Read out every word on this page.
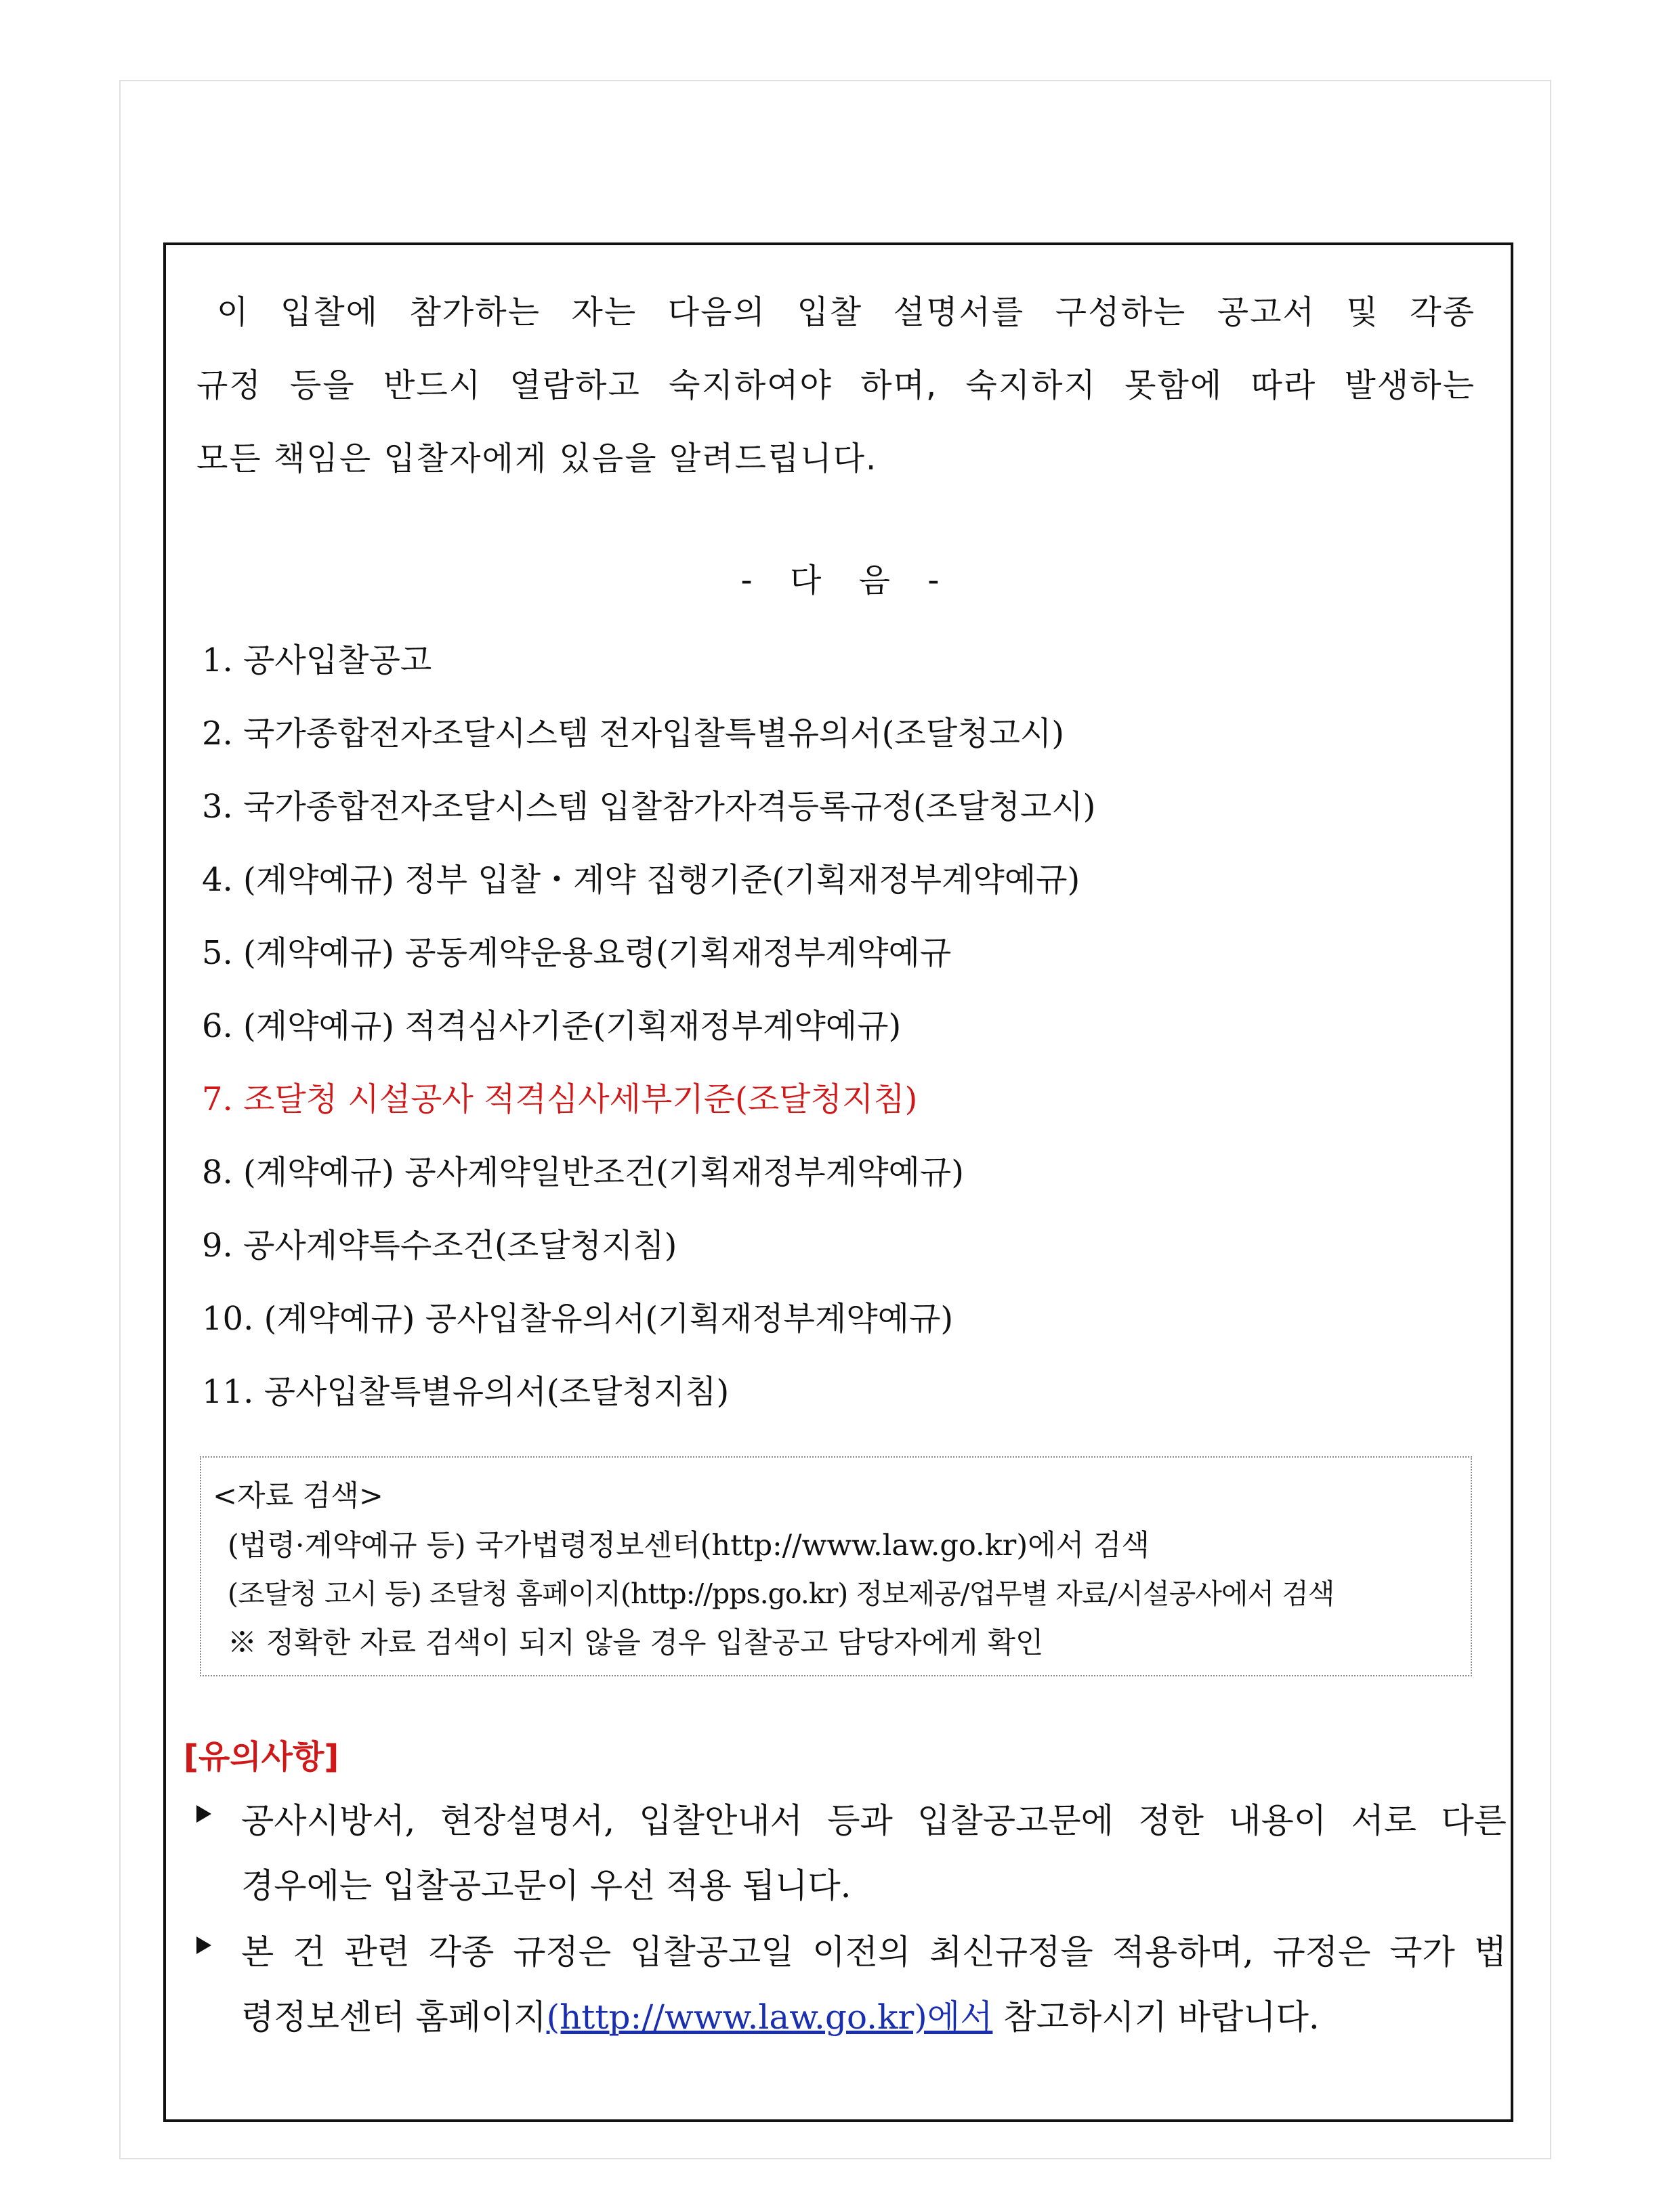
이 입찰에 참가하는 자는 다음의 입찰 설명서를 구성하는 공고서 및 각종

규정 등을 반드시 열람하고 숙지하여야 하며, 숙지하지 못함에 따라 발생하는

모든 책임은 입찰자에게 있음을 알려드립니다.

- 다 음 -

1. 공사입찰공고

2. 국가종합전자조달시스템 전자입찰특별유의서(조달청고시)

3. 국가종합전자조달시스템 입찰참가자격등록규정(조달청고시)

4. (계약예규) 정부 입찰・계약 집행기준(기획재정부계약예규)

5. (계약예규) 공동계약운용요령(기획재정부계약예규

6. (계약예규) 적격심사기준(기획재정부계약예규)

7. 조달청 시설공사 적격심사세부기준(조달청지침)

8. (계약예규) 공사계약일반조건(기획재정부계약예규)

9. 공사계약특수조건(조달청지침)

10. (계약예규) 공사입찰유의서(기획재정부계약예규)

11. 공사입찰특별유의서(조달청지침)

<자료 검색>

(법령·계약예규 등) 국가법령정보센터(http://www.law.go.kr)에서 검색

(조달청 고시 등) 조달청 홈페이지(http://pps.go.kr) 정보제공/업무별 자료/시설공사에서 검색

※ 정확한 자료 검색이 되지 않을 경우 입찰공고 담당자에게 확인

[유의사항]

공사시방서, 현장설명서, 입찰안내서 등과 입찰공고문에 정한 내용이 서로 다른

경우에는 입찰공고문이 우선 적용 됩니다.

본 건 관련 각종 규정은 입찰공고일 이전의 최신규정을 적용하며, 규정은 국가 법

령정보센터 홈페이지(http://www.law.go.kr)에서 참고하시기 바랍니다.
